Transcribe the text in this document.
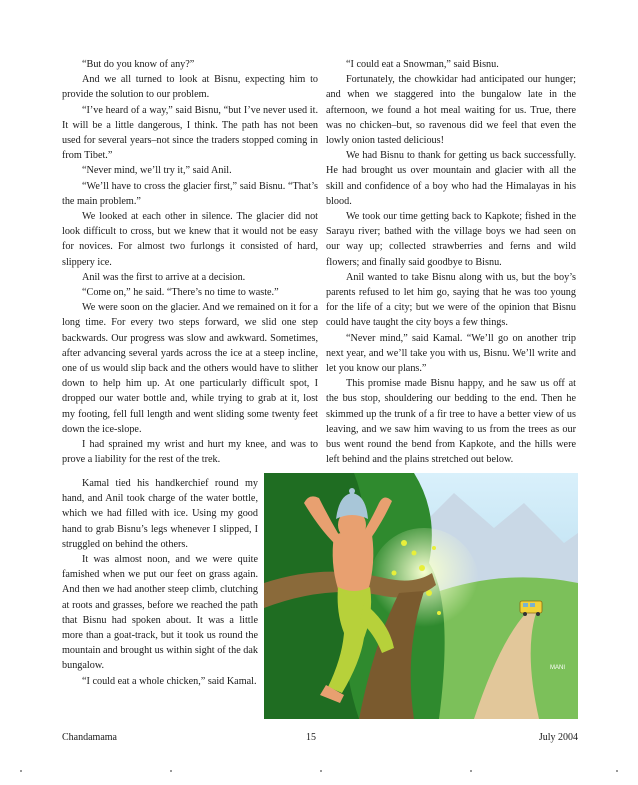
“But do you know of any?”

And we all turned to look at Bisnu, expecting him to provide the solution to our problem.

“I’ve heard of a way,” said Bisnu, “but I’ve never used it. It will be a little dangerous, I think. The path has not been used for several years–not since the traders stopped coming in from Tibet.”

“Never mind, we’ll try it,” said Anil.

“We’ll have to cross the glacier first,” said Bisnu. “That’s the main problem.”

We looked at each other in silence. The glacier did not look difficult to cross, but we knew that it would not be easy for novices. For almost two furlongs it consisted of hard, slippery ice.

Anil was the first to arrive at a decision.

“Come on,” he said. “There’s no time to waste.”

We were soon on the glacier. And we remained on it for a long time. For every two steps forward, we slid one step backwards. Our progress was slow and awkward. Sometimes, after advancing several yards across the ice at a steep incline, one of us would slip back and the others would have to slither down to help him up. At one particularly difficult spot, I dropped our water bottle and, while trying to grab at it, lost my footing, fell full length and went sliding some twenty feet down the ice-slope.

I had sprained my wrist and hurt my knee, and was to prove a liability for the rest of the trek.

Kamal tied his handkerchief round my hand, and Anil took charge of the water bottle, which we had filled with ice. Using my good hand to grab Bisnu’s legs whenever I slipped, I struggled on behind the others.

It was almost noon, and we were quite famished when we put our feet on grass again. And then we had another steep climb, clutching at roots and grasses, before we reached the path that Bisnu had spoken about. It was a little more than a goat-track, but it took us round the mountain and brought us within sight of the dak bungalow.

“I could eat a whole chicken,” said Kamal.

“I could eat a Snowman,” said Bisnu.

Fortunately, the chowkidar had anticipated our hunger; and when we staggered into the bungalow late in the afternoon, we found a hot meal waiting for us. True, there was no chicken–but, so ravenous did we feel that even the lowly onion tasted delicious!

We had Bisnu to thank for getting us back successfully. He had brought us over mountain and glacier with all the skill and confidence of a boy who had the Himalayas in his blood.

We took our time getting back to Kapkote; fished in the Sarayu river; bathed with the village boys we had seen on our way up; collected strawberries and ferns and wild flowers; and finally said goodbye to Bisnu.

Anil wanted to take Bisnu along with us, but the boy’s parents refused to let him go, saying that he was too young for the life of a city; but we were of the opinion that Bisnu could have taught the city boys a few things.

“Never mind,” said Kamal. “We’ll go on another trip next year, and we’ll take you with us, Bisnu. We’ll write and let you know our plans.”

This promise made Bisnu happy, and he saw us off at the bus stop, shouldering our bedding to the end. Then he skimmed up the trunk of a fir tree to have a better view of us leaving, and we saw him waving to us from the trees as our bus went round the bend from Kapkote, and the hills were left behind and the plains stretched out below.

MANI
Chandamama	15	July 2004
